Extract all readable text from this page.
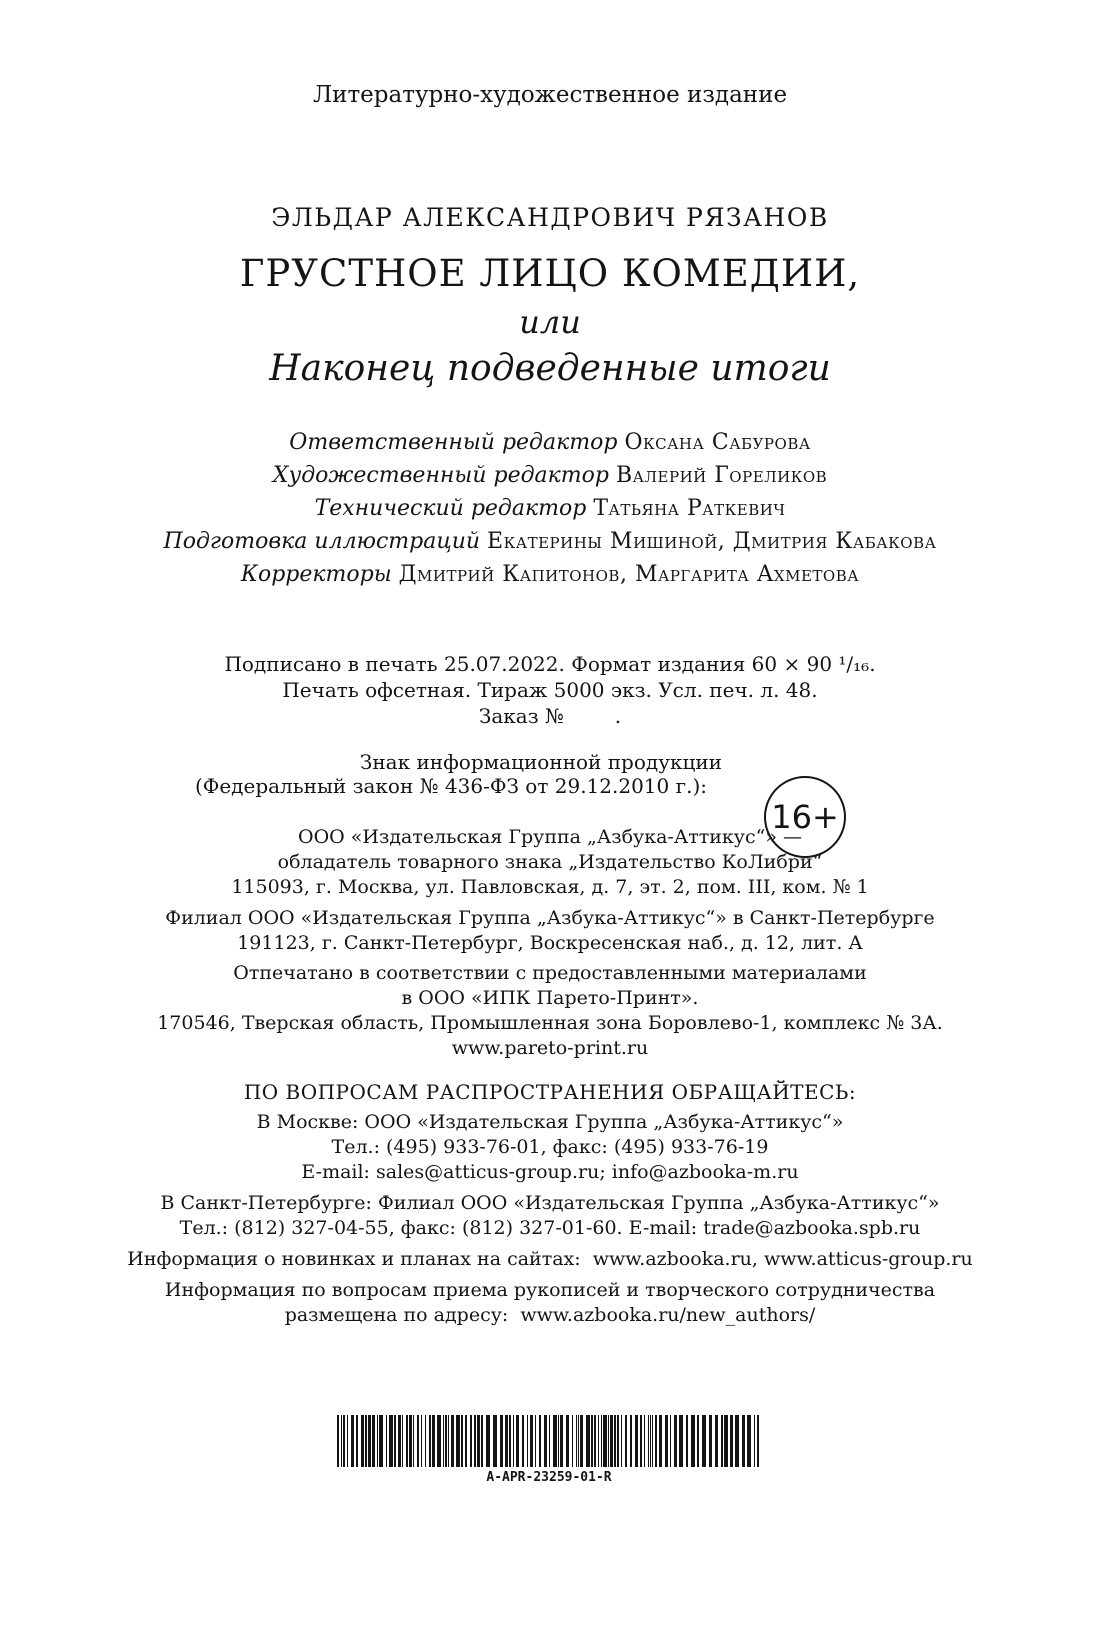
Литературно-художественное издание
ЭЛЬДАР АЛЕКСАНДРОВИЧ РЯЗАНОВ
ГРУСТНОЕ ЛИЦО КОМЕДИИ,
или
Наконец подведенные итоги
Ответственный редактор Оксана Сабурова
Художественный редактор Валерий Гореликов
Технический редактор Татьяна Раткевич
Подготовка иллюстраций Екатерины Мишиной, Дмитрия Кабакова
Корректоры Дмитрий Капитонов, Маргарита Ахметова
Подписано в печать 25.07.2022. Формат издания 60 × 90 ¹/₁₆.
Печать офсетная. Тираж 5000 экз. Усл. печ. л. 48.
Заказ №        .
Знак информационной продукции
(Федеральный закон № 436-ФЗ от 29.12.2010 г.):
16+
ООО «Издательская Группа „Азбука-Аттикус“» —
обладатель товарного знака „Издательство КоЛибри“
115093, г. Москва, ул. Павловская, д. 7, эт. 2, пом. III, ком. № 1
Филиал ООО «Издательская Группа „Азбука-Аттикус“» в Санкт-Петербурге
191123, г. Санкт-Петербург, Воскресенская наб., д. 12, лит. А
Отпечатано в соответствии с предоставленными материалами
в ООО «ИПК Парето-Принт».
170546, Тверская область, Промышленная зона Боровлево-1, комплекс № 3А.
www.pareto-print.ru
ПО ВОПРОСАМ РАСПРОСТРАНЕНИЯ ОБРАЩАЙТЕСЬ:
В Москве: ООО «Издательская Группа „Азбука-Аттикус“»
Тел.: (495) 933-76-01, факс: (495) 933-76-19
E-mail: sales@atticus-group.ru; info@azbooka-m.ru
В Санкт-Петербурге: Филиал ООО «Издательская Группа „Азбука-Аттикус“»
Тел.: (812) 327-04-55, факс: (812) 327-01-60. E-mail: trade@azbooka.spb.ru
Информация о новинках и планах на сайтах:  www.azbooka.ru, www.atticus-group.ru
Информация по вопросам приема рукописей и творческого сотрудничества
размещена по адресу:  www.azbooka.ru/new_authors/
A-APR-23259-01-R
